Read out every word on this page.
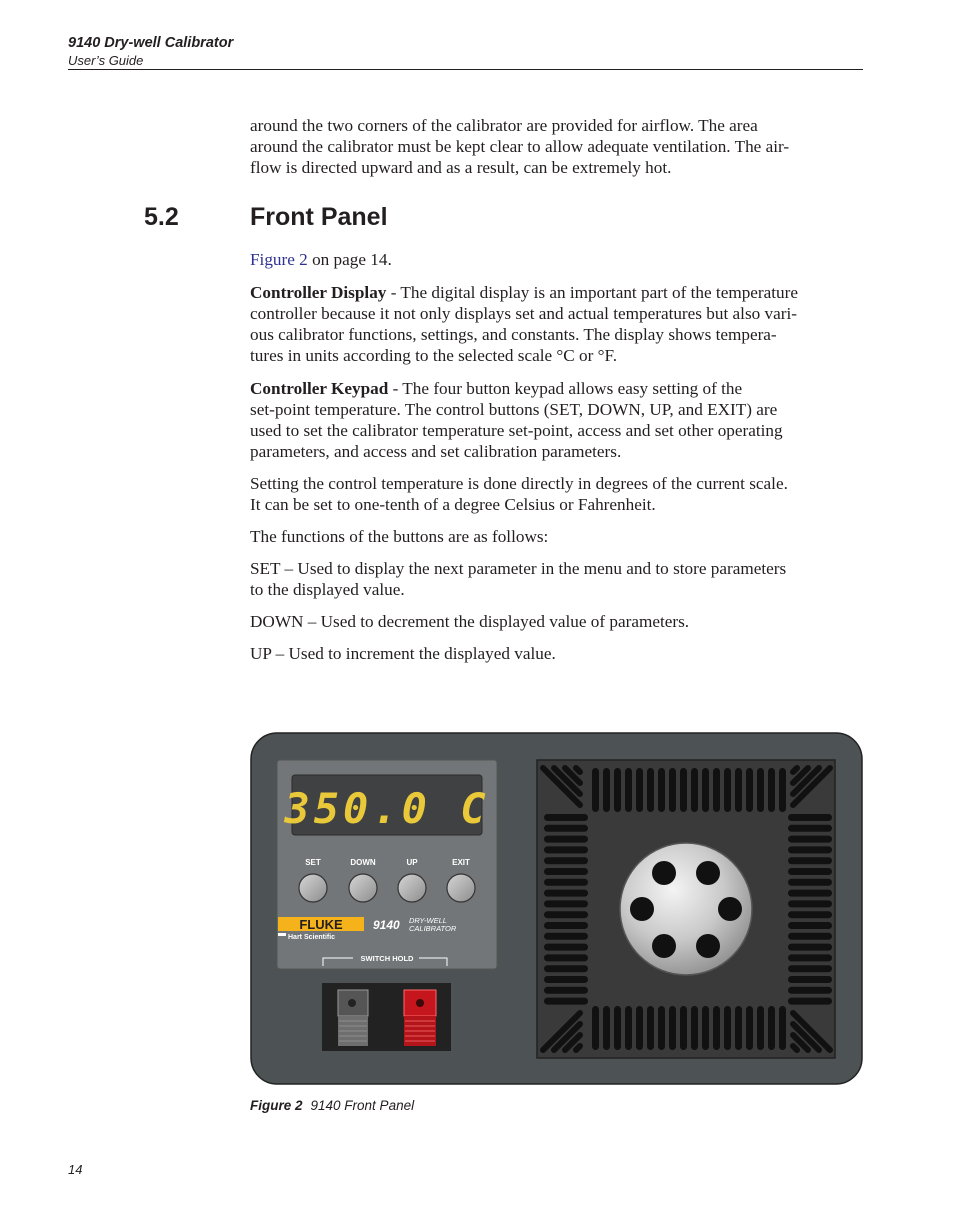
9140 Dry-well Calibrator
User’s Guide
around the two corners of the calibrator are provided for airflow. The area
around the calibrator must be kept clear to allow adequate ventilation. The air-
flow is directed upward and as a result, can be extremely hot.
5.2	Front Panel
Figure 2 on page 14.
Controller Display - The digital display is an important part of the temperature
controller because it not only displays set and actual temperatures but also vari-
ous calibrator functions, settings, and constants. The display shows tempera-
tures in units according to the selected scale °C or °F.
Controller Keypad - The four button keypad allows easy setting of the
set-point temperature. The control buttons (SET, DOWN, UP, and EXIT) are
used to set the calibrator temperature set-point, access and set other operating
parameters, and access and set calibration parameters.
Setting the control temperature is done directly in degrees of the current scale.
It can be set to one-tenth of a degree Celsius or Fahrenheit.
The functions of the buttons are as follows:
SET – Used to display the next parameter in the menu and to store parameters
to the displayed value.
DOWN – Used to decrement the displayed value of parameters.
UP – Used to increment the displayed value.
350.0 C
SET	DOWN	UP	EXIT
FLUKE
Hart Scientific
9140 DRY-WELL
CALIBRATOR
SWITCH HOLD
Figure 2 9140 Front Panel
14
